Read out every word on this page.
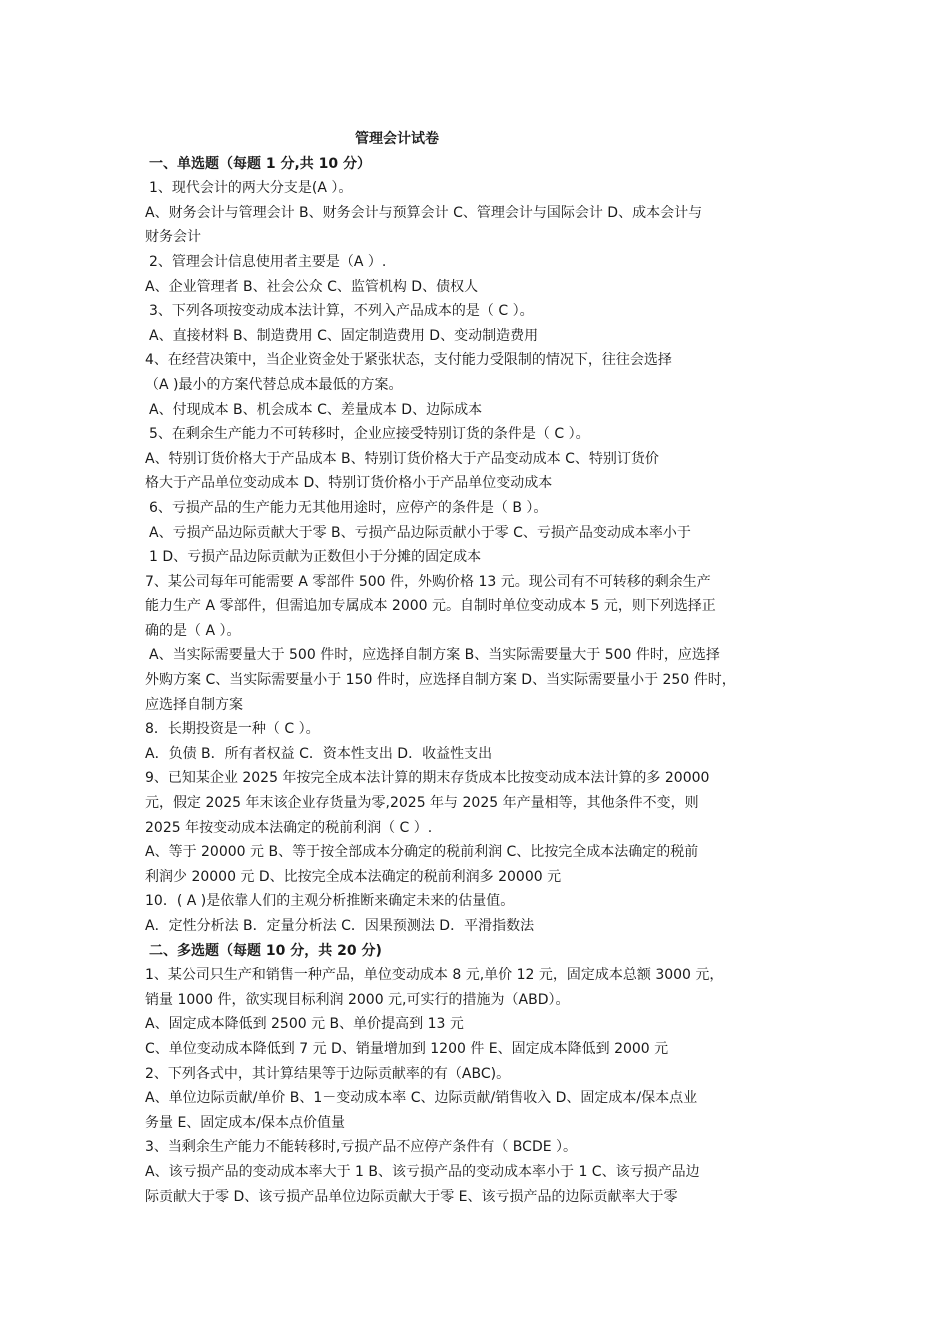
管理会计试卷
一、单选题（每题 1 分,共 10 分）
1、现代会计的两大分支是(A ）。
A、财务会计与管理会计 B、财务会计与预算会计 C、管理会计与国际会计 D、成本会计与
财务会计
2、管理会计信息使用者主要是（A ）.
A、企业管理者 B、社会公众 C、监管机构 D、债权人
3、下列各项按变动成本法计算，不列入产品成本的是（ C ）。
A、直接材料 B、制造费用 C、固定制造费用 D、变动制造费用
4、在经营决策中，当企业资金处于紧张状态，支付能力受限制的情况下，往往会选择
（A )最小的方案代替总成本最低的方案。
A、付现成本 B、机会成本 C、差量成本 D、边际成本
5、在剩余生产能力不可转移时，企业应接受特别订货的条件是（ C ）。
A、特别订货价格大于产品成本 B、特别订货价格大于产品变动成本 C、特别订货价
格大于产品单位变动成本 D、特别订货价格小于产品单位变动成本
6、亏损产品的生产能力无其他用途时，应停产的条件是（ B ）。
A、亏损产品边际贡献大于零 B、亏损产品边际贡献小于零 C、亏损产品变动成本率小于
1 D、亏损产品边际贡献为正数但小于分摊的固定成本
7、某公司每年可能需要 A 零部件 500 件，外购价格 13 元。现公司有不可转移的剩余生产
能力生产 A 零部件，但需追加专属成本 2000 元。自制时单位变动成本 5 元，则下列选择正
确的是（ A ）。
A、当实际需要量大于 500 件时，应选择自制方案 B、当实际需要量大于 500 件时，应选择
外购方案 C、当实际需要量小于 150 件时，应选择自制方案 D、当实际需要量小于 250 件时，
应选择自制方案
8．长期投资是一种（ C ）。
A．负债 B．所有者权益 C．资本性支出 D．收益性支出
9、已知某企业 2025 年按完全成本法计算的期末存货成本比按变动成本法计算的多 20000
元，假定 2025 年末该企业存货量为零,2025 年与 2025 年产量相等，其他条件不变，则
2025 年按变动成本法确定的税前利润（ C ）.
A、等于 20000 元 B、等于按全部成本分确定的税前利润 C、比按完全成本法确定的税前
利润少 20000 元 D、比按完全成本法确定的税前利润多 20000 元
10．( A )是依靠人们的主观分析推断来确定未来的估量值。
A．定性分析法 B．定量分析法 C．因果预测法 D．平滑指数法
二、多选题（每题 10 分，共 20 分)
1、某公司只生产和销售一种产品，单位变动成本 8 元,单价 12 元，固定成本总额 3000 元，
销量 1000 件，欲实现目标利润 2000 元,可实行的措施为（ABD）。
A、固定成本降低到 2500 元 B、单价提高到 13 元
C、单位变动成本降低到 7 元 D、销量增加到 1200 件 E、固定成本降低到 2000 元
2、下列各式中，其计算结果等于边际贡献率的有（ABC)。
A、单位边际贡献/单价 B、1－变动成本率 C、边际贡献/销售收入 D、固定成本/保本点业
务量 E、固定成本/保本点价值量
3、当剩余生产能力不能转移时,亏损产品不应停产条件有（ BCDE ）。
A、该亏损产品的变动成本率大于 1 B、该亏损产品的变动成本率小于 1 C、该亏损产品边
际贡献大于零 D、该亏损产品单位边际贡献大于零 E、该亏损产品的边际贡献率大于零
